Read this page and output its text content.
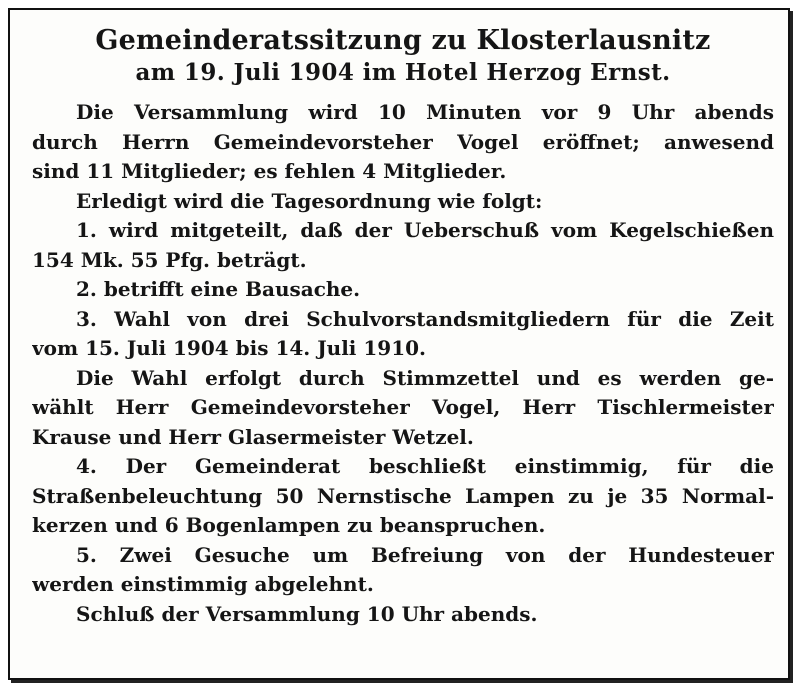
Gemeinderatssitzung zu Klosterlausnitz
am 19. Juli 1904 im Hotel Herzog Ernst.
Die Versammlung wird 10 Minuten vor 9 Uhr abends
durch Herrn Gemeindevorsteher Vogel eröffnet; anwesend
sind 11 Mitglieder; es fehlen 4 Mitglieder.
Erledigt wird die Tagesordnung wie folgt:
1. wird mitgeteilt, daß der Ueberschuß vom Kegelschießen
154 Mk. 55 Pfg. beträgt.
2. betrifft eine Bausache.
3. Wahl von drei Schulvorstandsmitgliedern für die Zeit
vom 15. Juli 1904 bis 14. Juli 1910.
Die Wahl erfolgt durch Stimmzettel und es werden ge-
wählt Herr Gemeindevorsteher Vogel, Herr Tischlermeister
Krause und Herr Glasermeister Wetzel.
4. Der Gemeinderat beschließt einstimmig, für die
Straßenbeleuchtung 50 Nernstische Lampen zu je 35 Normal-
kerzen und 6 Bogenlampen zu beanspruchen.
5. Zwei Gesuche um Befreiung von der Hundesteuer
werden einstimmig abgelehnt.
Schluß der Versammlung 10 Uhr abends.
